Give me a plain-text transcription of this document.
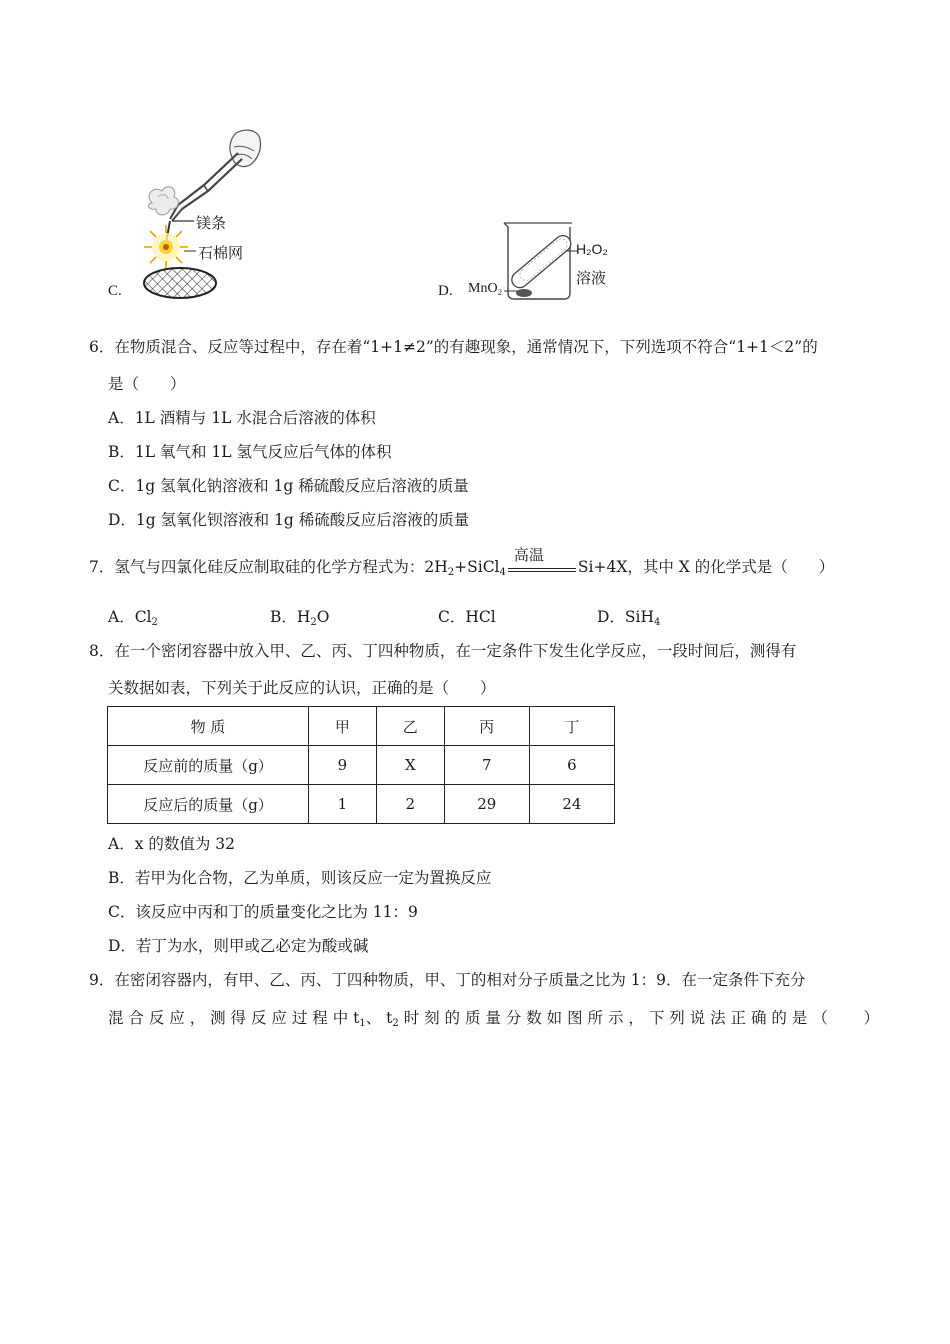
C.
镁条
石棉网
D.
H₂O₂
溶液
MnO₂
6．在物质混合、反应等过程中，存在着“1+1≠2”的有趣现象，通常情况下，下列选项不符合“1+1＜2”的
是（　　）
A．1L 酒精与 1L 水混合后溶液的体积
B．1L 氧气和 1L 氢气反应后气体的体积
C．1g 氢氧化钠溶液和 1g 稀硫酸反应后溶液的质量
D．1g 氢氧化钡溶液和 1g 稀硫酸反应后溶液的质量
7．氢气与四氯化硅反应制取硅的化学方程式为：$2H_2+SiCl_4$
高温
Si+4X，其中 X 的化学式是（　　）
A．$Cl_2$	B．$H_2O$	C．HCl	D．SiH$_4$
8．在一个密闭容器中放入甲、乙、丙、丁四种物质，在一定条件下发生化学反应，一段时间后，测得有
关数据如表，下列关于此反应的认识，正确的是（　　）
物 质	甲	乙	丙	丁
反应前的质量（g）	9	X	7	6
反应后的质量（g）	1	2	29	24
A．x 的数值为 32
B．若甲为化合物，乙为单质，则该反应一定为置换反应
C．该反应中丙和丁的质量变化之比为 11：9
D．若丁为水，则甲或乙必定为酸或碱
9．在密闭容器内，有甲、乙、丙、丁四种物质，甲、丁的相对分子质量之比为 1：9．在一定条件下充分
混 合 反 应 ， 测 得 反 应 过 程 中 $t_1$、 $t_2$ 时 刻 的 质 量 分 数 如 图 所 示 ， 下 列 说 法 正 确 的 是 （　　 ）
